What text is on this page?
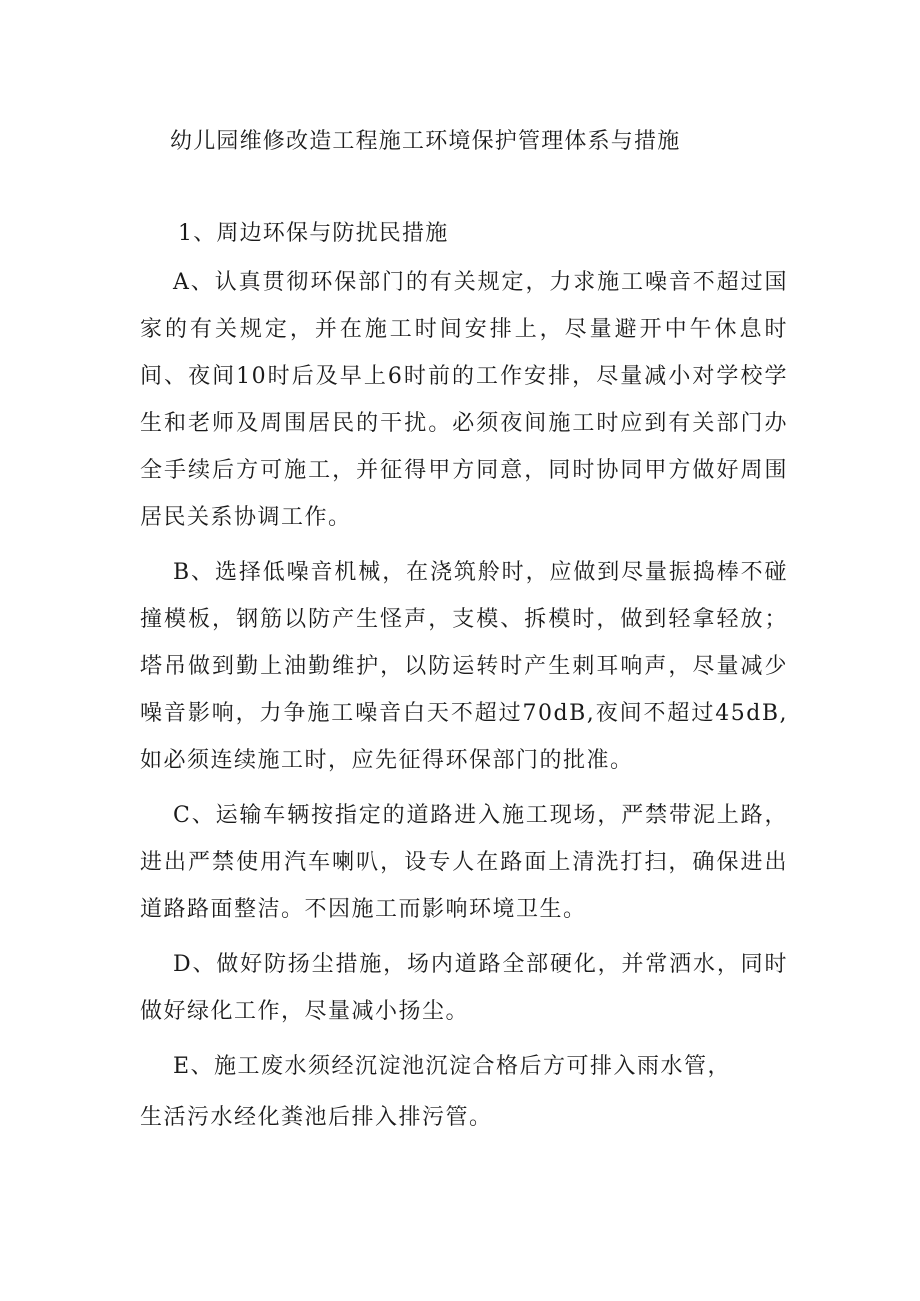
幼儿园维修改造工程施工环境保护管理体系与措施
1、周边环保与防扰民措施

A、认真贯彻环保部门的有关规定，力求施工噪音不超过国家的有关规定，并在施工时间安排上，尽量避开中午休息时间、夜间10时后及早上6时前的工作安排，尽量减小对学校学生和老师及周围居民的干扰。必须夜间施工时应到有关部门办全手续后方可施工，并征得甲方同意，同时协同甲方做好周围居民关系协调工作。

B、选择低噪音机械，在浇筑舲时，应做到尽量振捣棒不碰撞模板，钢筋以防产生怪声，支模、拆模时，做到轻拿轻放；塔吊做到勤上油勤维护，以防运转时产生刺耳响声，尽量减少噪音影响，力争施工噪音白天不超过70dB,夜间不超过45dB,如必须连续施工时，应先征得环保部门的批准。

C、运输车辆按指定的道路进入施工现场，严禁带泥上路，进出严禁使用汽车喇叭，设专人在路面上清洗打扫，确保进出道路路面整洁。不因施工而影响环境卫生。

D、做好防扬尘措施，场内道路全部硬化，并常洒水，同时做好绿化工作，尽量减小扬尘。

E、施工废水须经沉淀池沉淀合格后方可排入雨水管，

生活污水经化粪池后排入排污管。
